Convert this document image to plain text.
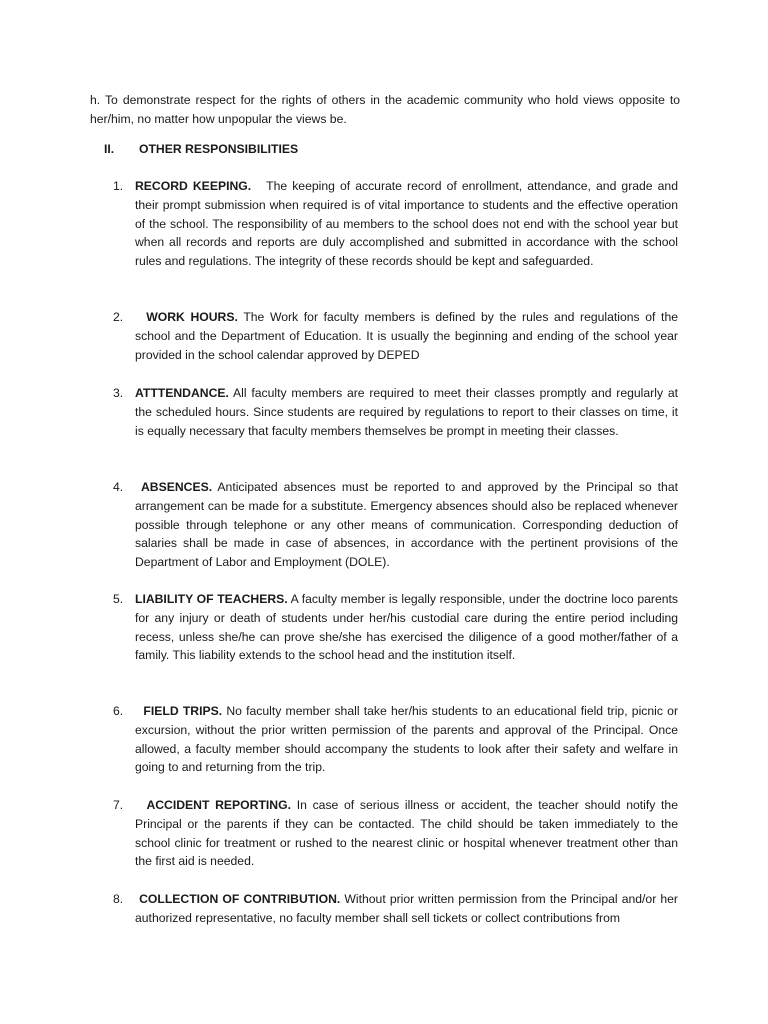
h. To demonstrate respect for the rights of others in the academic community who hold views opposite to her/him, no matter how unpopular the views be.

II. OTHER RESPONSIBILITIES
1. RECORD KEEPING. The keeping of accurate record of enrollment, attendance, and grade and their prompt submission when required is of vital importance to students and the effective operation of the school. The responsibility of au members to the school does not end with the school year but when all records and reports are duly accomplished and submitted in accordance with the school rules and regulations. The integrity of these records should be kept and safeguarded.
2.	WORK HOURS. The Work for faculty members is defined by the rules and regulations of the school and the Department of Education. It is usually the beginning and ending of the school year provided in the school calendar approved by DEPED
3. ATTTENDANCE. All faculty members are required to meet their classes promptly and regularly at the scheduled hours. Since students are required by regulations to report to their classes on time, it is equally necessary that faculty members themselves be prompt in meeting their classes.
4.	ABSENCES. Anticipated absences must be reported to and approved by the Principal so that arrangement can be made for a substitute. Emergency absences should also be replaced whenever possible through telephone or any other means of communication. Corresponding deduction of salaries shall be made in case of absences, in accordance with the pertinent provisions of the Department of Labor and Employment (DOLE).
5. LIABILITY OF TEACHERS. A faculty member is legally responsible, under the doctrine loco parents for any injury or death of students under her/his custodial care during the entire period including recess, unless she/he can prove she/she has exercised the diligence of a good mother/father of a family. This liability extends to the school head and the institution itself.
6.	FIELD TRIPS. No faculty member shall take her/his students to an educational field trip, picnic or excursion, without the prior written permission of the parents and approval of the Principal. Once allowed, a faculty member should accompany the students to look after their safety and welfare in going to and returning from the trip.
7.	ACCIDENT REPORTING. In case of serious illness or accident, the teacher should notify the Principal or the parents if they can be contacted. The child should be taken immediately to the school clinic for treatment or rushed to the nearest clinic or hospital whenever treatment other than the first aid is needed.
8.	COLLECTION OF CONTRIBUTION. Without prior written permission from the Principal and/or her authorized representative, no faculty member shall sell tickets or collect contributions from
